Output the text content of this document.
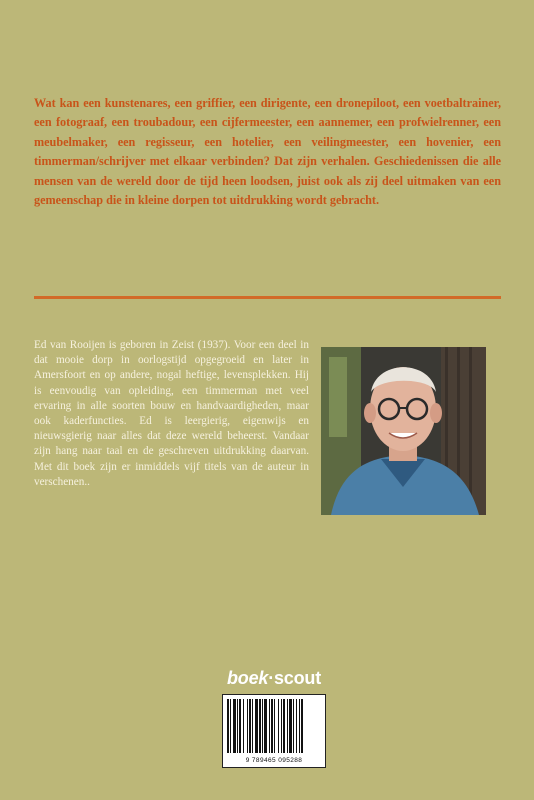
Wat kan een kunstenares, een griffier, een dirigente, een dronepiloot, een voetbaltrainer, een fotograaf, een troubadour, een cijfermeester, een aannemer, een profwielrenner, een meubelmaker, een regisseur, een hotelier, een veilingmeester, een hovenier, een timmerman/schrijver met elkaar verbinden? Dat zijn verhalen. Geschiedenissen die alle mensen van de wereld door de tijd heen loodsen, juist ook als zij deel uitmaken van een gemeenschap die in kleine dorpen tot uitdrukking wordt gebracht.

Ed van Rooijen is geboren in Zeist (1937). Voor een deel in dat mooie dorp in oorlogstijd opgegroeid en later in Amersfoort en op andere, nogal heftige, levensplekken. Hij is eenvoudig van opleiding, een timmerman met veel ervaring in alle soorten bouw en handvaardigheden, maar ook kaderfuncties. Ed is leergierig, eigenwijs en nieuwsgierig naar alles dat deze wereld beheerst. Vandaar zijn hang naar taal en de geschreven uitdrukking daarvan. Met dit boek zijn er inmiddels vijf titels van de auteur in verschenen..

boek·scout
9 789465 095288
